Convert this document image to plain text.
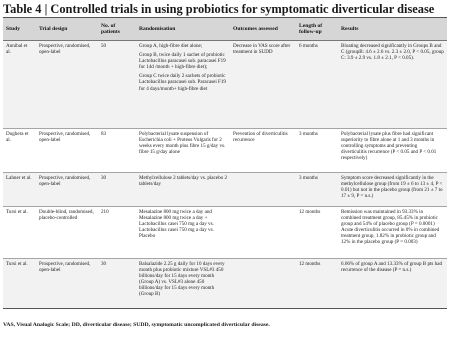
Table 4 | Controlled trials in using probiotics for symptomatic diverticular disease
Study	Trial design	No. of patients	Randomisation	Outcomes assessed	Length of follow-up	Results
Annibal et al.	Prospective, randomised, open-label	50	Group A, high-fibre diet alone;
Group B, twice daily 1 sachet of probiotic Lactobacillus paracasei sub. paracasei F19 for 14d /month + high-fibre diet);
Group C twice daily 2 sachets of probiotic Lactobacillus paracasei sub. Paracasei F19 for 4 days/month+ high-fibre diet	Decrease in VAS score after treatment in SUDD	6 months	Bloating decreased significantly in Groups B and C (groupB: 4.6 ± 2.6 vs. 2.3 ± 2.0, P < 0.05, group C: 3.9 ± 2.9 vs. 1.8 ± 2.1, P < 0.05).
Dughera et al.	Prospective, randomised, open-label	83	Polybacterial lysate suspension of Escherichia coli + Proteus Vulgaris for 2 weeks every month plus fibre 15 g/day vs. fibre 15 g/day alone	Prevention of diverticulitis recurrence	3 months	Polybacterial lysate plus fibre had significant superiority to fibre alone at 1 and 3 months in controlling symptoms and preventing diverticulitis recurrence (P < 0.05 and P < 0.01 respectively)
Lahner et al.	Prospective, randomised, open-label	30	Methylcellulose 2 tablets/day vs. placebo 2 tablets/day		3 months	Symptom score decreased significantly in the methylcellulose group (from 19 ± 6 to 13 ± 4, P < 0.01) but not in the placebo group (from 21 ± 7 to 17 ± 9, P = n.s.)
Tursi et al.	Double-blind, randomised, placebo-controlled	210	Mesalazine 800 mg twice a day and Mesalazine 800 mg twice a day + Lactobacillus casei 750 mg a day vs. Lactobacillus casei 750 mg a day vs. Placebo		12 months	Remission was maintained in 93.33% in combined treatment group, 85.45% in probiotic group and 54% of placebo group (P = 0.0001) Acute diverticulitis occurred in 0% in combined treatment group, 1.82% in probiotic group and 12% in the placebo group (P = 0.003)
Tursi et al.	Prospective, randomised, open-label	30	Balsalazide 2.25 g daily for 10 days every month plus probiotic mixture VSL#3 450 billions/day for 15 days every month (Group A) vs. VSL#3 alone 450 billions/day for 15 days every month (Group B)		12 months	6.66% of group A and 13.33% of group B pts had recurrence of the disease (P = n.s.)
VAS, Visual Analogic Scale; DD, diverticular disease; SUDD, symptomatic uncomplicated diverticular disease.
